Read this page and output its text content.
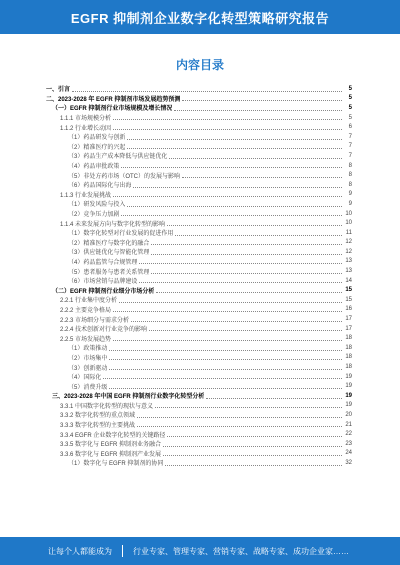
EGFR 抑制剂企业数字化转型策略研究报告
内容目录
一、引言	5
二、2023-2028 年 EGFR 抑制剂市场发展趋势预测	5
（一）EGFR 抑制剂行业市场规模及增长情况	5
1.1.1 市场规模分析	5
1.1.2 行业增长动因	6
（1）药品研发与创新	7
（2）精准医疗的兴起	7
（3）药品生产成本降低与供应链优化	7
（4）药品审批政策	8
（5）非处方药市场（OTC）的发展与影响	8
（6）药品国际化与出海	8
1.1.3 行业发展挑战	9
（1）研发风险与投入	9
（2）竞争压力加剧	10
1.1.4 未来发展方向与数字化转型的影响	10
（1）数字化转型对行业发展的促进作用	11
（2）精准医疗与数字化的融合	12
（3）供应链优化与智能化管理	12
（4）药品监管与合规管理	13
（5）患者服务与患者关系管理	13
（6）市场营销与品牌建设	14
（二）EGFR 抑制剂行业细分市场分析	15
2.2.1 行业集中度分析	15
2.2.2 主要竞争格局	16
2.2.3 市场细分与需求分析	17
2.2.4 技术创新对行业竞争的影响	17
2.2.5 市场发展趋势	18
（1）政策推动	18
（2）市场集中	18
（3）创新驱动	18
（4）国际化	19
（5）消费升级	19
三、2023-2028 年中国 EGFR 抑制剂行业数字化转型分析	19
3.3.1 中国数字化转型的现状与意义	19
3.3.2 数字化转型的重点领域	20
3.3.3 数字化转型的主要挑战	21
3.3.4 EGFR 企业数字化转型的关键路径	22
3.3.5 数字化与 EGFR 抑制剂业务融合	23
3.3.6 数字化与 EGFR 抑制剂产业发展	24
（1）数字化与 EGFR 抑制剂的协同	32
让每个人都能成为	行业专家、管理专家、营销专家、战略专家、成功企业家……
